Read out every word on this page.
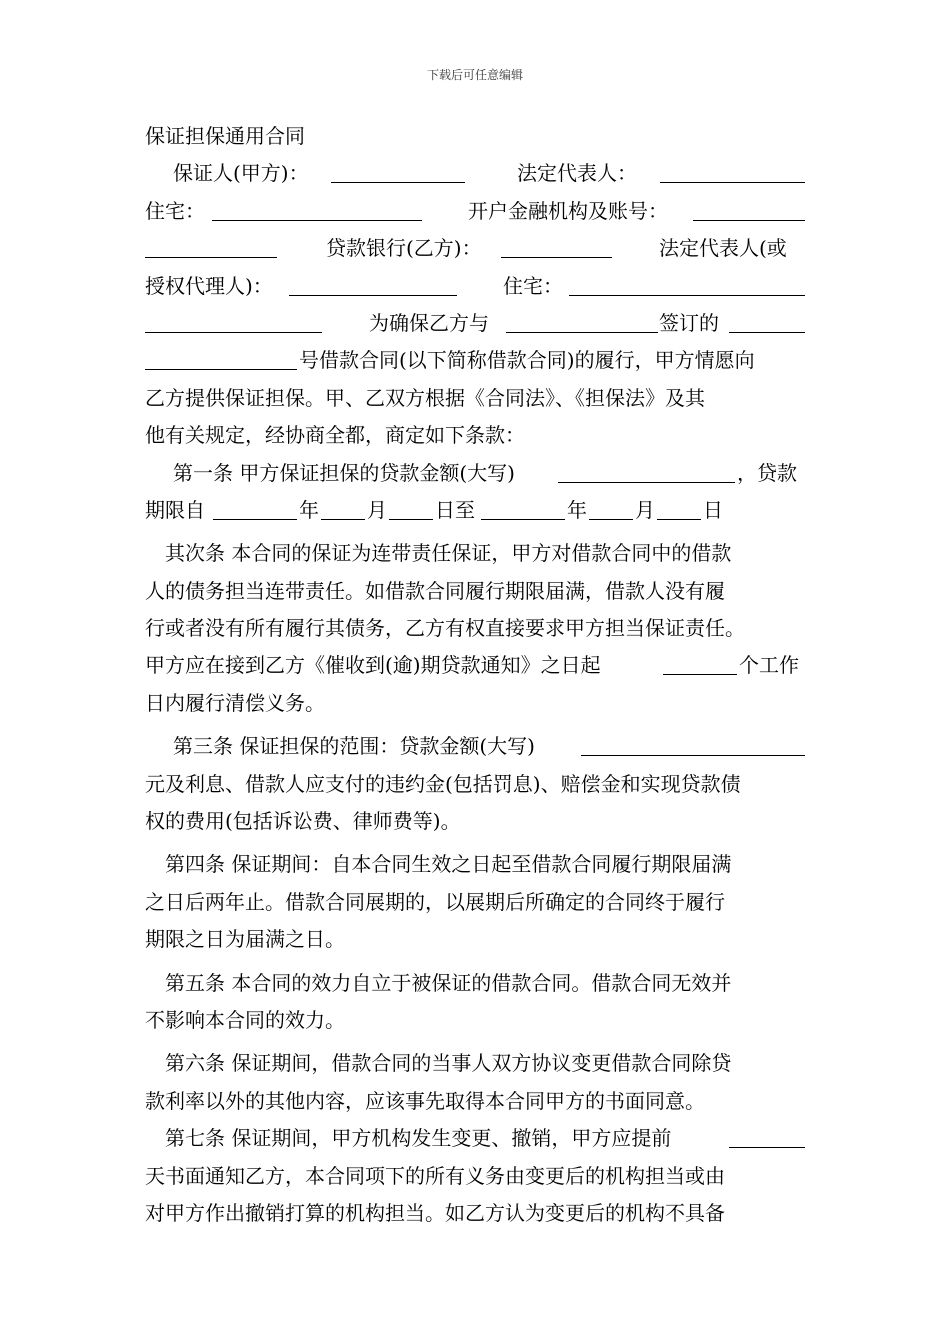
下载后可任意编辑
保证担保通用合同
保证人(甲方)：	法定代表人：
住宅：	开户金融机构及账号：
贷款银行(乙方)：	法定代表人(或
授权代理人)：	住宅：
为确保乙方与	签订的
号借款合同(以下简称借款合同)的履行，甲方情愿向
乙方提供保证担保。甲、乙双方根据《合同法》、《担保法》及其
他有关规定，经协商全都，商定如下条款：
第一条 甲方保证担保的贷款金额(大写)	，贷款
期限自	年 月 日至	年 月 日
其次条 本合同的保证为连带责任保证，甲方对借款合同中的借款
人的债务担当连带责任。如借款合同履行期限届满，借款人没有履
行或者没有所有履行其债务，乙方有权直接要求甲方担当保证责任。
甲方应在接到乙方《催收到(逾)期贷款通知》之日起	个工作
日内履行清偿义务。
第三条 保证担保的范围：贷款金额(大写)
元及利息、借款人应支付的违约金(包括罚息)、赔偿金和实现贷款债
权的费用(包括诉讼费、律师费等)。
第四条 保证期间：自本合同生效之日起至借款合同履行期限届满
之日后两年止。借款合同展期的，以展期后所确定的合同终于履行
期限之日为届满之日。
第五条 本合同的效力自立于被保证的借款合同。借款合同无效并
不影响本合同的效力。
第六条 保证期间，借款合同的当事人双方协议变更借款合同除贷
款利率以外的其他内容，应该事先取得本合同甲方的书面同意。
第七条 保证期间，甲方机构发生变更、撤销，甲方应提前
天书面通知乙方，本合同项下的所有义务由变更后的机构担当或由
对甲方作出撤销打算的机构担当。如乙方认为变更后的机构不具备
